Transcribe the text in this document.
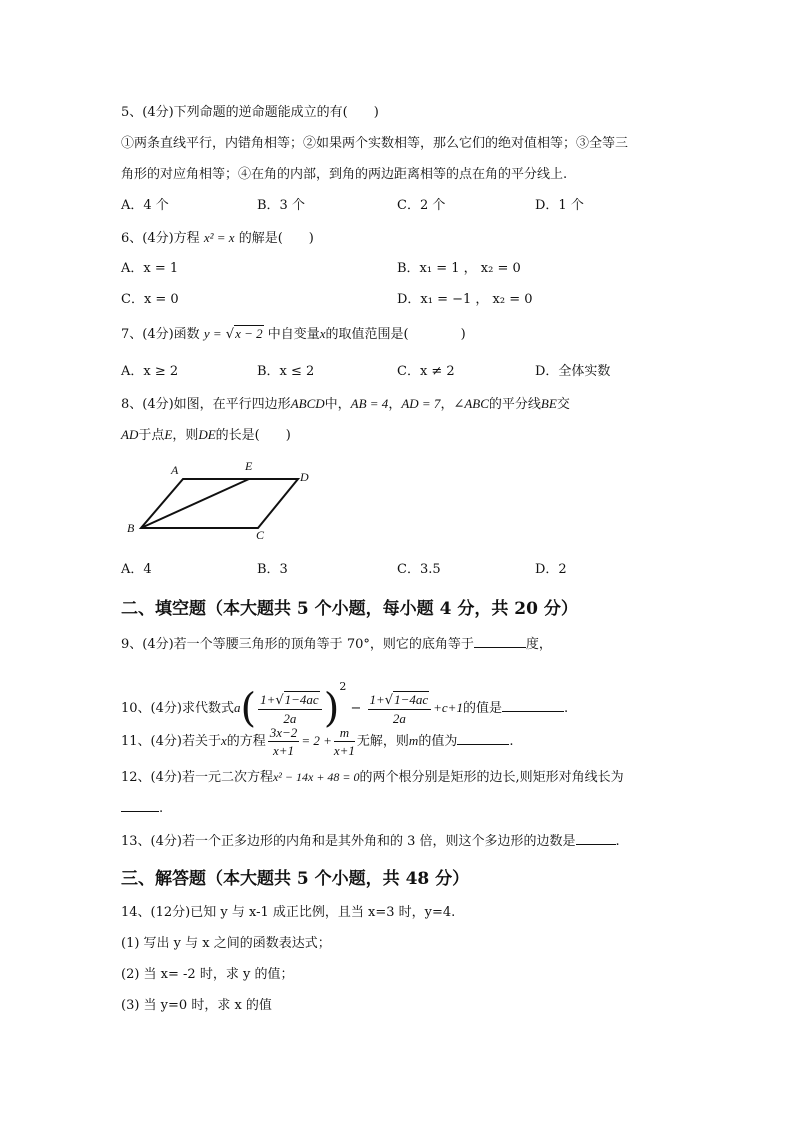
5、(4分)下列命题的逆命题能成立的有(　　)
①两条直线平行，内错角相等；②如果两个实数相等，那么它们的绝对值相等；③全等三
角形的对应角相等；④在角的内部，到角的两边距离相等的点在角的平分线上.
A．4 个	B．3 个	C．2 个	D．1 个
6、(4分)方程 x² = x 的解是(　　)
A．x = 1	B．x₁ = 1 ， x₂ = 0
C．x = 0	D．x₁ = −1 ， x₂ = 0
7、(4分)函数 y = √x − 2 中自变量x的取值范围是(　　　　)
A．x ≥ 2	B．x ≤ 2	C．x ≠ 2	D．全体实数
8、(4分)如图，在平行四边形ABCD中，AB = 4，AD = 7，∠ABC的平分线BE交
AD于点E，则DE的长是(　　)
A	E
D
B	C
A．4	B．3	C．3.5	D．2
二、填空题（本大题共 5 个小题，每小题 4 分，共 20 分）
9、(4分)若一个等腰三角形的顶角等于 70°，则它的底角等于	度，
10、(4分)求代数式$a( \frac{1+√1-4ac}{2a} )^2 - \frac{1+√1-4ac}{2a} +c+1$的值是	.
11、(4分)若关于x的方程 $\frac{3x-2}{x+1} = 2 + \frac{m}{x+1}$ 无解，则m的值为	.
12、(4分)若一元二次方程x² − 14x + 48 = 0的两个根分别是矩形的边长,则矩形对角线长为
.
13、(4分)若一个正多边形的内角和是其外角和的 3 倍，则这个多边形的边数是	.
三、解答题（本大题共 5 个小题，共 48 分）
14、(12分)已知 y 与 x-1 成正比例，且当 x=3 时，y=4.
(1) 写出 y 与 x 之间的函数表达式；
(2) 当 x= -2 时，求 y 的值；
(3) 当 y=0 时，求 x 的值
